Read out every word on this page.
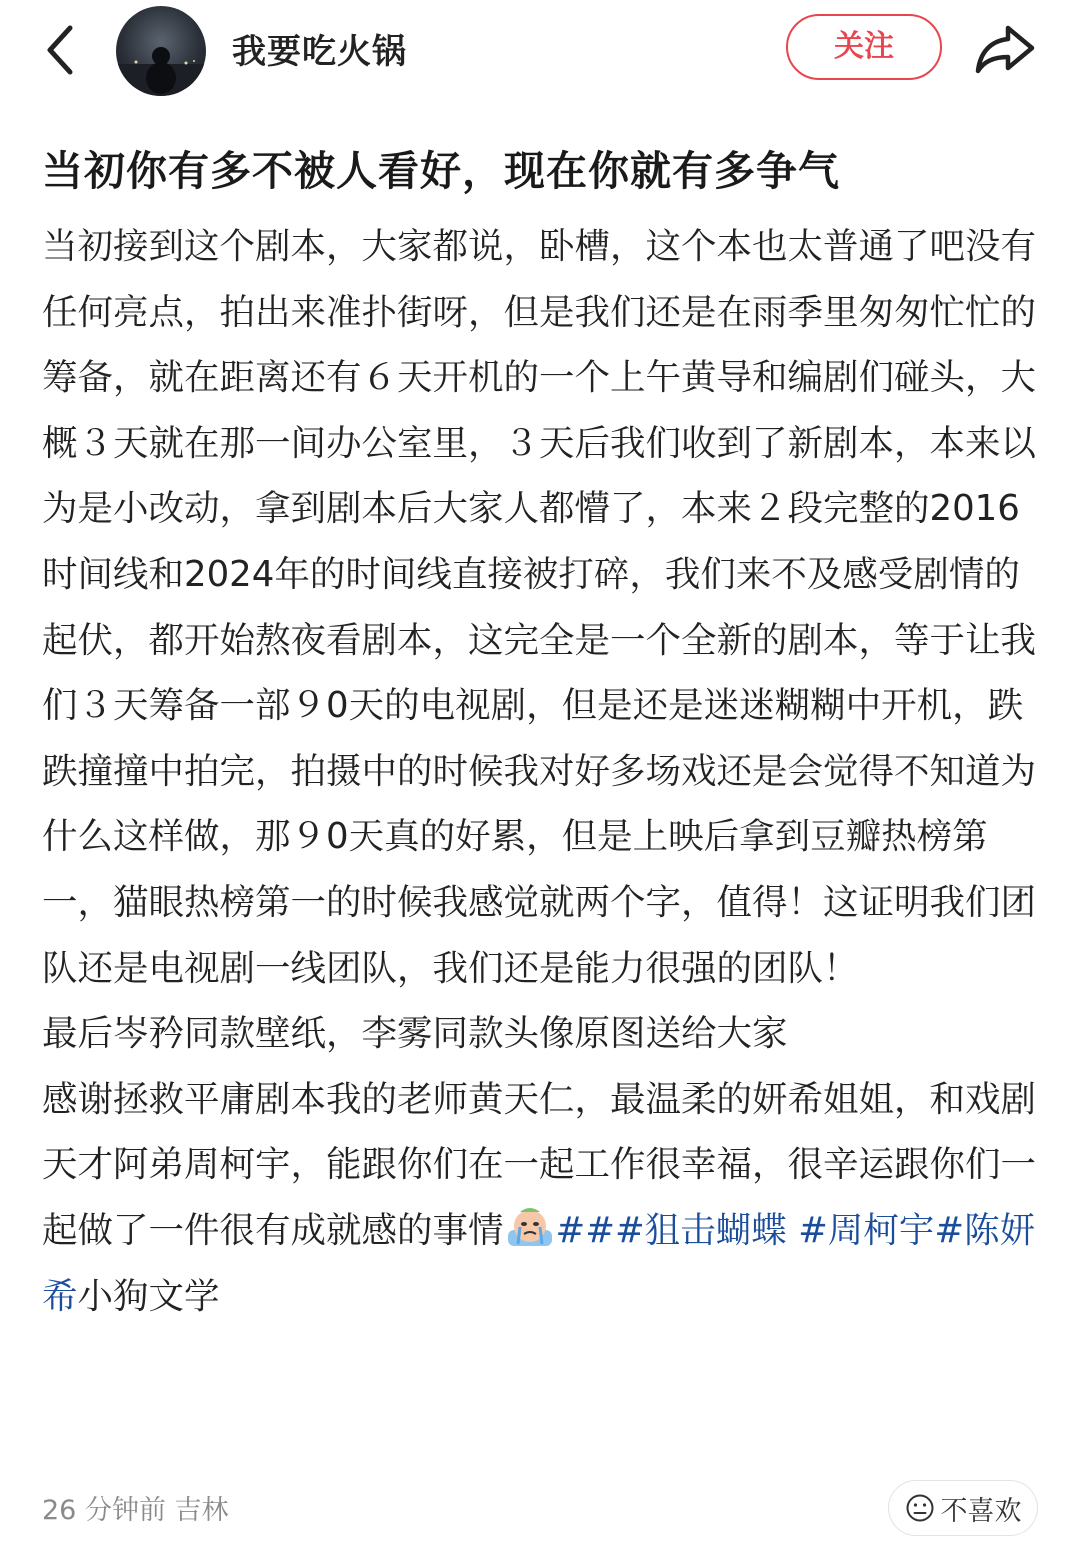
我要吃火锅	关注
当初你有多不被人看好，现在你就有多争气

当初接到这个剧本，大家都说，卧槽，这个本也太普通了吧没有任何亮点，拍出来准扑街呀，但是我们还是在雨季里匆匆忙忙的筹备，就在距离还有６天开机的一个上午黄导和编剧们碰头，大概３天就在那一间办公室里，３天后我们收到了新剧本，本来以为是小改动，拿到剧本后大家人都懵了，本来２段完整的2016时间线和2024年的时间线直接被打碎，我们来不及感受剧情的起伏，都开始熬夜看剧本，这完全是一个全新的剧本，等于让我们３天筹备一部９0天的电视剧，但是还是迷迷糊糊中开机，跌跌撞撞中拍完，拍摄中的时候我对好多场戏还是会觉得不知道为什么这样做，那９0天真的好累，但是上映后拿到豆瓣热榜第一，猫眼热榜第一的时候我感觉就两个字，值得！这证明我们团队还是电视剧一线团队，我们还是能力很强的团队！

最后岑矜同款壁纸，李雾同款头像原图送给大家

感谢拯救平庸剧本我的老师黄天仁，最温柔的妍希姐姐，和戏剧天才阿弟周柯宇，能跟你们在一起工作很幸福，很辛运跟你们一起做了一件很有成就感的事情 ###狙击蝴蝶 #周柯宇#陈妍希小狗文学

26 分钟前 吉林	不喜欢
